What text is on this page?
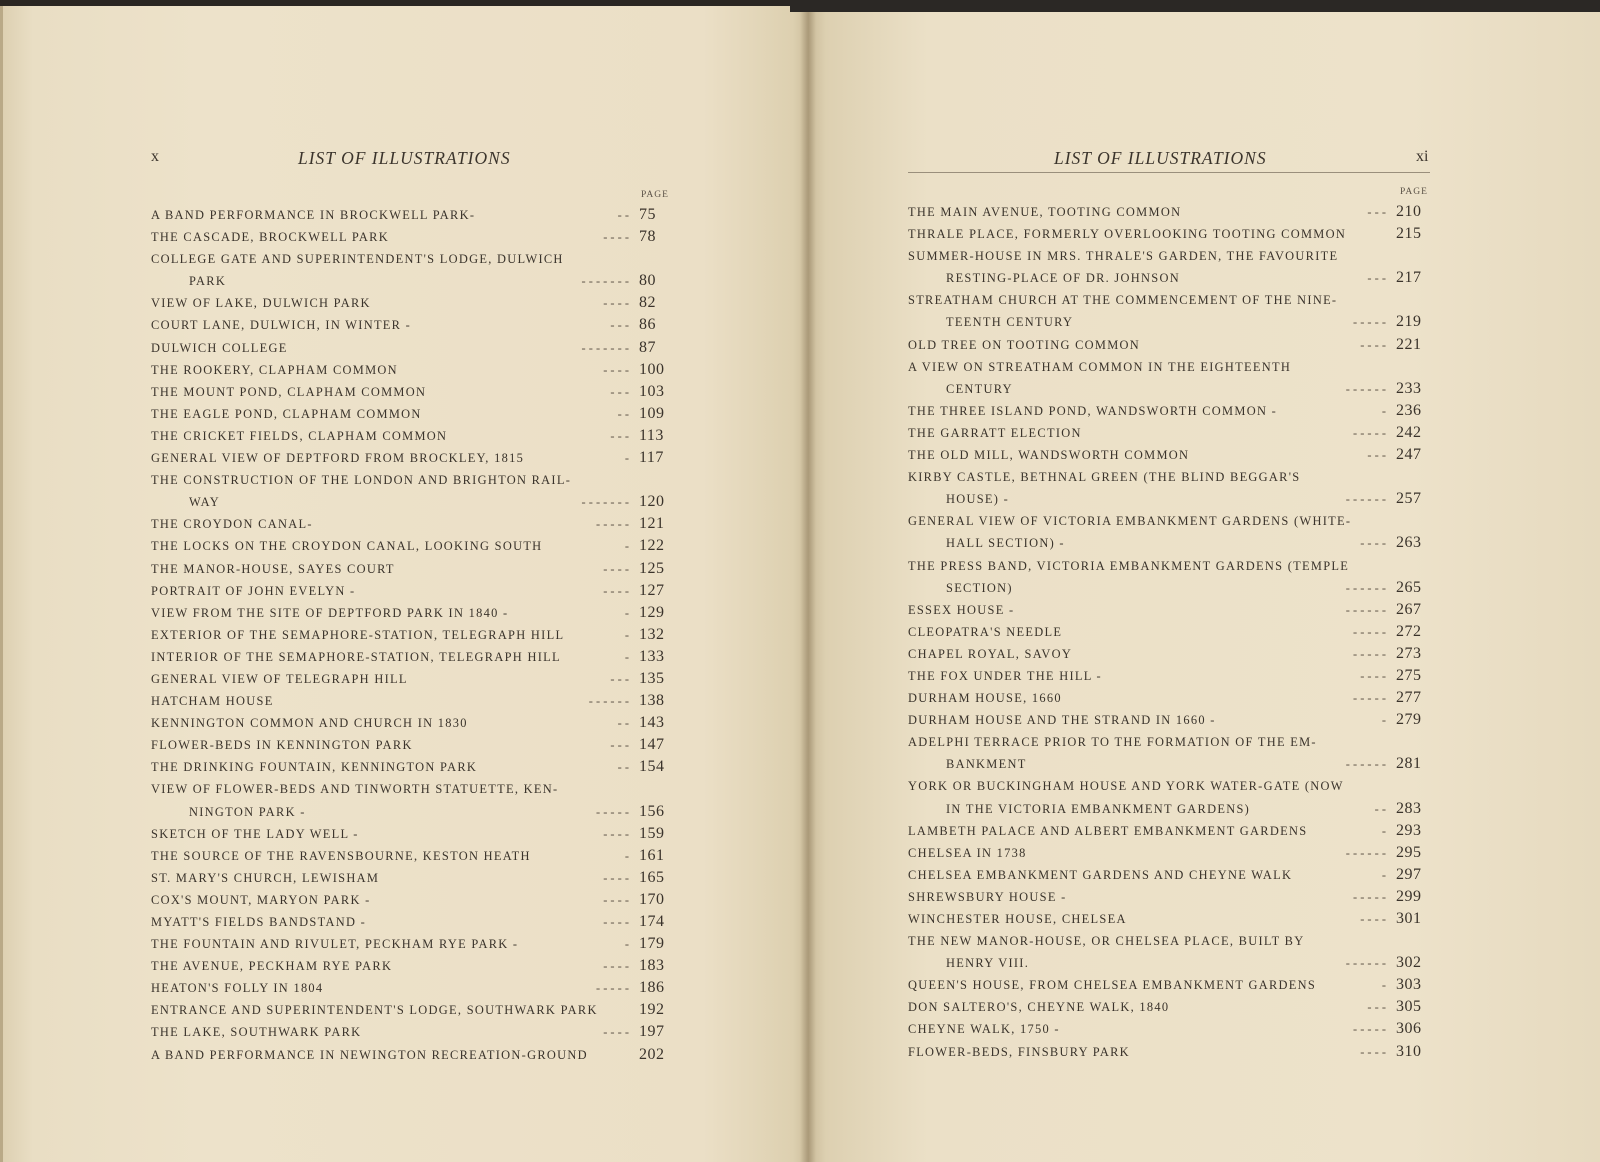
x	LIST OF ILLUSTRATIONS
PAGE
A BAND PERFORMANCE IN BROCKWELL PARK-	- - 75
THE CASCADE, BROCKWELL PARK	- - - - 78
COLLEGE GATE AND SUPERINTENDENT'S LODGE, DULWICH
PARK	- - - - - - - 80
VIEW OF LAKE, DULWICH PARK	- - - - 82
COURT LANE, DULWICH, IN WINTER -	- - - 86
DULWICH COLLEGE	- - - - - - - 87
THE ROOKERY, CLAPHAM COMMON	- - - - 100
THE MOUNT POND, CLAPHAM COMMON	- - - 103
THE EAGLE POND, CLAPHAM COMMON	- - 109
THE CRICKET FIELDS, CLAPHAM COMMON	- - - 113
GENERAL VIEW OF DEPTFORD FROM BROCKLEY, 1815	- 117
THE CONSTRUCTION OF THE LONDON AND BRIGHTON RAIL-
WAY	- - - - - - - 120
THE CROYDON CANAL-	- - - - - 121
THE LOCKS ON THE CROYDON CANAL, LOOKING SOUTH	- 122
THE MANOR-HOUSE, SAYES COURT	- - - - 125
PORTRAIT OF JOHN EVELYN -	- - - - 127
VIEW FROM THE SITE OF DEPTFORD PARK IN 1840 -	- 129
EXTERIOR OF THE SEMAPHORE-STATION, TELEGRAPH HILL	- 132
INTERIOR OF THE SEMAPHORE-STATION, TELEGRAPH HILL	- 133
GENERAL VIEW OF TELEGRAPH HILL	- - - 135
HATCHAM HOUSE	- - - - - - 138
KENNINGTON COMMON AND CHURCH IN 1830	- - 143
FLOWER-BEDS IN KENNINGTON PARK	- - - 147
THE DRINKING FOUNTAIN, KENNINGTON PARK	- - 154
VIEW OF FLOWER-BEDS AND TINWORTH STATUETTE, KEN-
NINGTON PARK -	- - - - - 156
SKETCH OF THE LADY WELL -	- - - - 159
THE SOURCE OF THE RAVENSBOURNE, KESTON HEATH	- 161
ST. MARY'S CHURCH, LEWISHAM	- - - - 165
COX'S MOUNT, MARYON PARK -	- - - - 170
MYATT'S FIELDS BANDSTAND -	- - - - 174
THE FOUNTAIN AND RIVULET, PECKHAM RYE PARK -	- 179
THE AVENUE, PECKHAM RYE PARK	- - - - 183
HEATON'S FOLLY IN 1804	- - - - - 186
ENTRANCE AND SUPERINTENDENT'S LODGE, SOUTHWARK PARK	192
THE LAKE, SOUTHWARK PARK	- - - - 197
A BAND PERFORMANCE IN NEWINGTON RECREATION-GROUND	202
LIST OF ILLUSTRATIONS	xi
PAGE
THE MAIN AVENUE, TOOTING COMMON	- - - 210
THRALE PLACE, FORMERLY OVERLOOKING TOOTING COMMON	215
SUMMER-HOUSE IN MRS. THRALE'S GARDEN, THE FAVOURITE
RESTING-PLACE OF DR. JOHNSON	- - - 217
STREATHAM CHURCH AT THE COMMENCEMENT OF THE NINE-
TEENTH CENTURY	- - - - - 219
OLD TREE ON TOOTING COMMON	- - - - 221
A VIEW ON STREATHAM COMMON IN THE EIGHTEENTH
CENTURY	- - - - - - 233
THE THREE ISLAND POND, WANDSWORTH COMMON -	- 236
THE GARRATT ELECTION	- - - - - 242
THE OLD MILL, WANDSWORTH COMMON	- - - 247
KIRBY CASTLE, BETHNAL GREEN (THE BLIND BEGGAR'S
HOUSE) -	- - - - - - 257
GENERAL VIEW OF VICTORIA EMBANKMENT GARDENS (WHITE-
HALL SECTION) -	- - - - 263
THE PRESS BAND, VICTORIA EMBANKMENT GARDENS (TEMPLE
SECTION)	- - - - - - 265
ESSEX HOUSE -	- - - - - - 267
CLEOPATRA'S NEEDLE	- - - - - 272
CHAPEL ROYAL, SAVOY	- - - - - 273
THE FOX UNDER THE HILL -	- - - - 275
DURHAM HOUSE, 1660	- - - - - 277
DURHAM HOUSE AND THE STRAND IN 1660 -	- 279
ADELPHI TERRACE PRIOR TO THE FORMATION OF THE EM-
BANKMENT	- - - - - - 281
YORK OR BUCKINGHAM HOUSE AND YORK WATER-GATE (NOW
IN THE VICTORIA EMBANKMENT GARDENS)	- - 283
LAMBETH PALACE AND ALBERT EMBANKMENT GARDENS	- 293
CHELSEA IN 1738	- - - - - - 295
CHELSEA EMBANKMENT GARDENS AND CHEYNE WALK	- 297
SHREWSBURY HOUSE -	- - - - - 299
WINCHESTER HOUSE, CHELSEA	- - - - 301
THE NEW MANOR-HOUSE, OR CHELSEA PLACE, BUILT BY
HENRY VIII.	- - - - - - 302
QUEEN'S HOUSE, FROM CHELSEA EMBANKMENT GARDENS	- 303
DON SALTERO'S, CHEYNE WALK, 1840	- - - 305
CHEYNE WALK, 1750 -	- - - - - 306
FLOWER-BEDS, FINSBURY PARK	- - - - 310
